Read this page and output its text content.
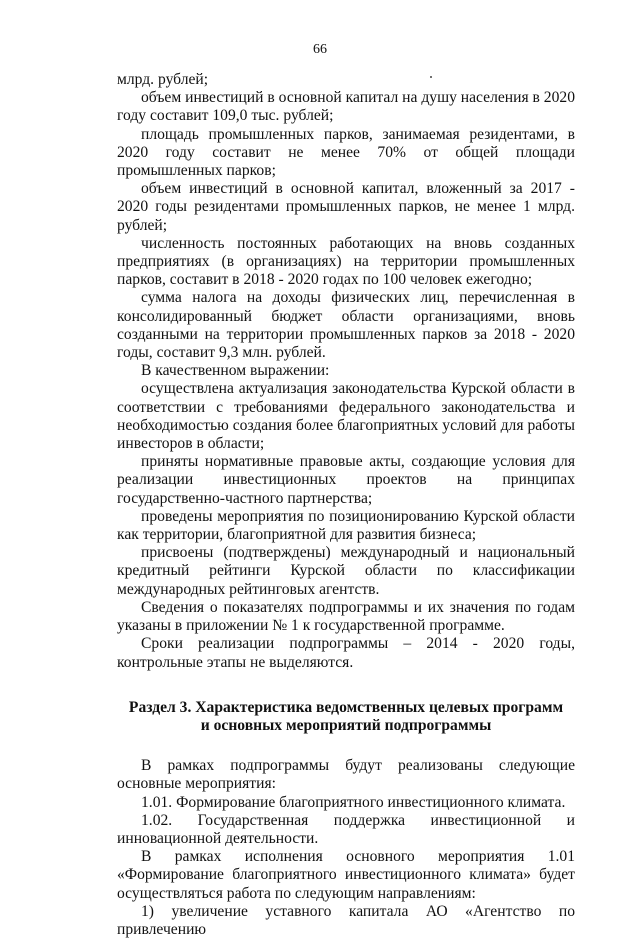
66

млрд. рублей;

объем инвестиций в основной капитал на душу населения в 2020 году составит 109,0 тыс. рублей;

площадь промышленных парков, занимаемая резидентами, в 2020 году составит не менее 70% от общей площади промышленных парков;

объем инвестиций в основной капитал, вложенный за 2017 - 2020 годы резидентами промышленных парков, не менее 1 млрд. рублей;

численность постоянных работающих на вновь созданных предприятиях (в организациях) на территории промышленных парков, составит в 2018 - 2020 годах по 100 человек ежегодно;

сумма налога на доходы физических лиц, перечисленная в консолидированный бюджет области организациями, вновь созданными на территории промышленных парков за 2018 - 2020 годы, составит 9,3 млн. рублей.

В качественном выражении:

осуществлена актуализация законодательства Курской области в соответствии с требованиями федерального законодательства и необходимостью создания более благоприятных условий для работы инвесторов в области;

приняты нормативные правовые акты, создающие условия для реализации инвестиционных проектов на принципах государственно-частного партнерства;

проведены мероприятия по позиционированию Курской области как территории, благоприятной для развития бизнеса;

присвоены (подтверждены) международный и национальный кредитный рейтинги Курской области по классификации международных рейтинговых агентств.

Сведения о показателях подпрограммы и их значения по годам указаны в приложении № 1 к государственной программе.

Сроки реализации подпрограммы – 2014 - 2020 годы, контрольные этапы не выделяются.

Раздел 3. Характеристика ведомственных целевых программ
и основных мероприятий подпрограммы

В рамках подпрограммы будут реализованы следующие основные мероприятия:

1.01. Формирование благоприятного инвестиционного климата.

1.02. Государственная поддержка инвестиционной и инновационной деятельности.

В рамках исполнения основного мероприятия 1.01 «Формирование благоприятного инвестиционного климата» будет осуществляться работа по следующим направлениям:

1) увеличение уставного капитала АО «Агентство по привлечению
